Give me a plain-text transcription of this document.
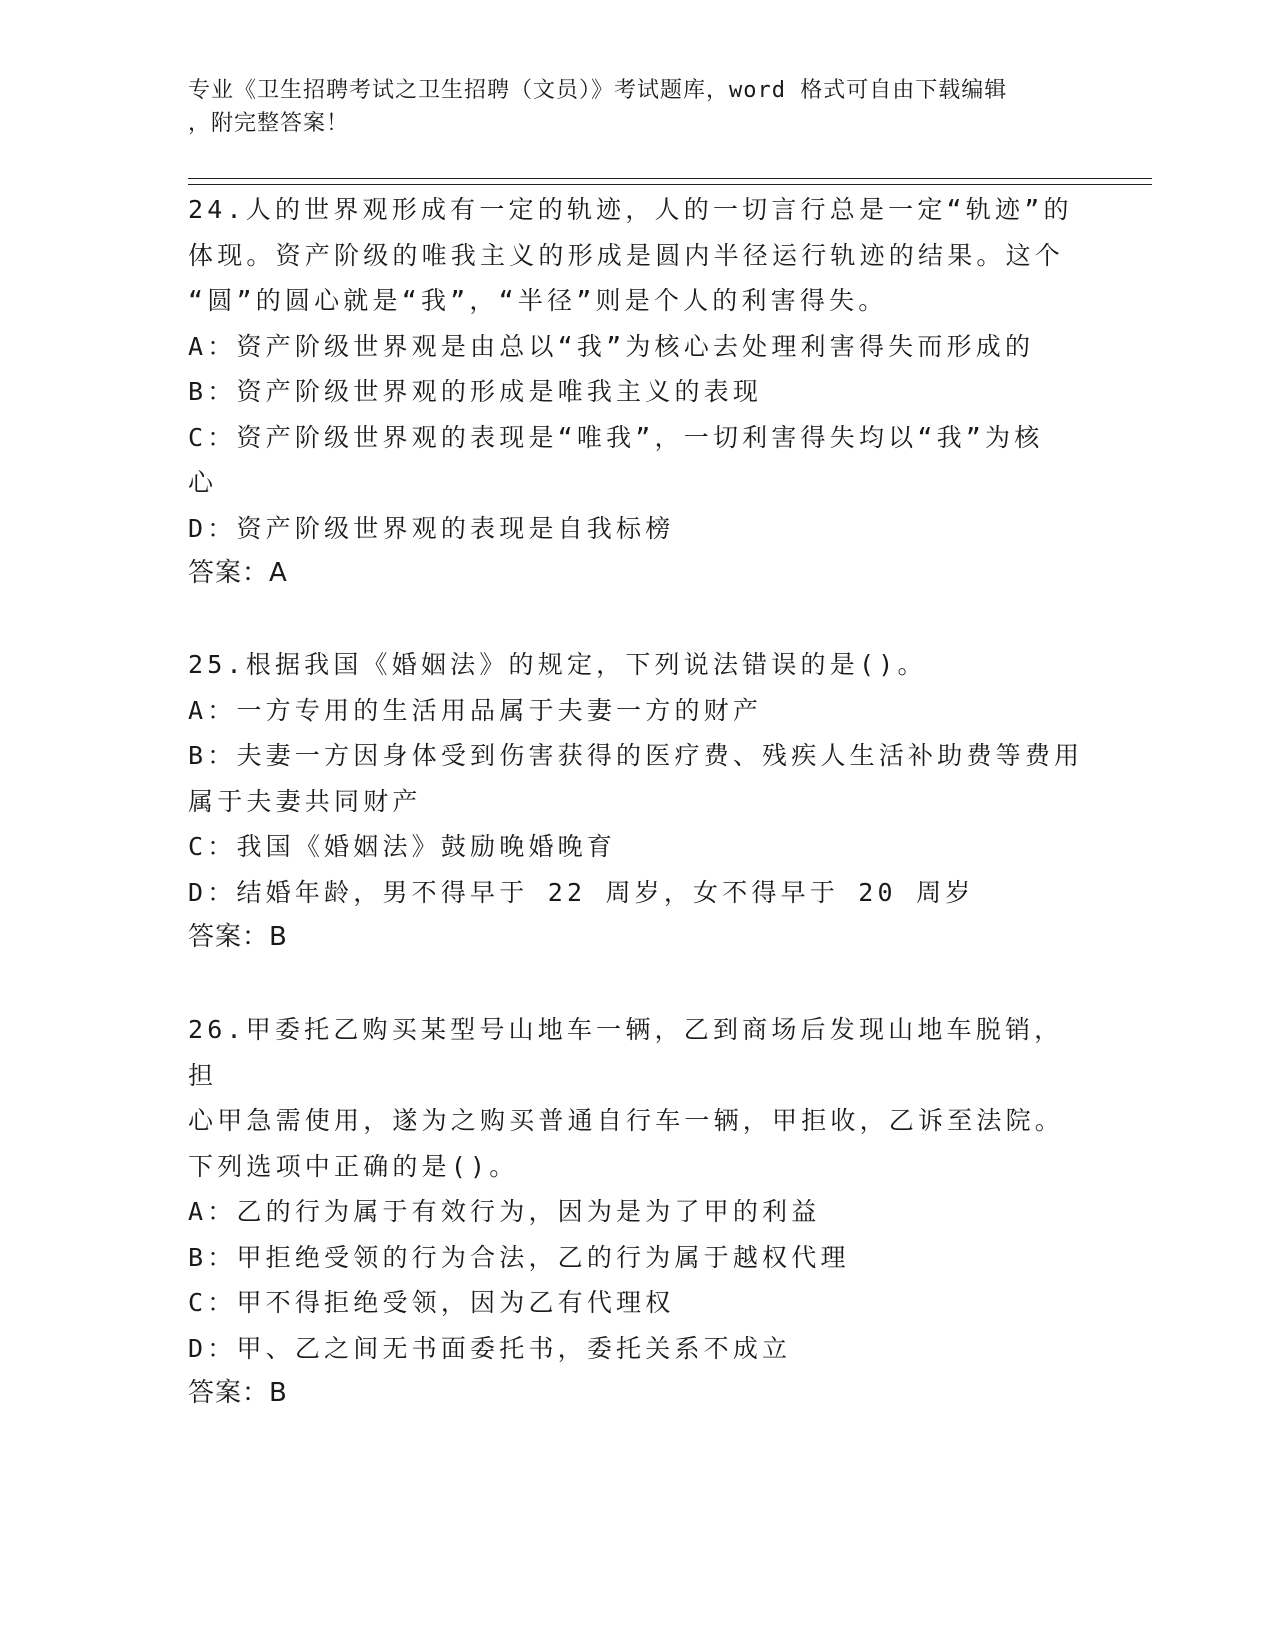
专业《卫生招聘考试之卫生招聘（文员）》考试题库，word 格式可自由下载编辑
，附完整答案！
24.人的世界观形成有一定的轨迹，人的一切言行总是一定“轨迹”的
体现。资产阶级的唯我主义的形成是圆内半径运行轨迹的结果。这个
“圆”的圆心就是“我”，“半径”则是个人的利害得失。
A：资产阶级世界观是由总以“我”为核心去处理利害得失而形成的
B：资产阶级世界观的形成是唯我主义的表现
C：资产阶级世界观的表现是“唯我”，一切利害得失均以“我”为核
心
D：资产阶级世界观的表现是自我标榜
答案：A
25.根据我国《婚姻法》的规定，下列说法错误的是()。
A：一方专用的生活用品属于夫妻一方的财产
B：夫妻一方因身体受到伤害获得的医疗费、残疾人生活补助费等费用
属于夫妻共同财产
C：我国《婚姻法》鼓励晚婚晚育
D：结婚年龄，男不得早于 22 周岁，女不得早于 20 周岁
答案：B
26.甲委托乙购买某型号山地车一辆，乙到商场后发现山地车脱销，担
心甲急需使用，遂为之购买普通自行车一辆，甲拒收，乙诉至法院。
下列选项中正确的是()。
A：乙的行为属于有效行为，因为是为了甲的利益
B：甲拒绝受领的行为合法，乙的行为属于越权代理
C：甲不得拒绝受领，因为乙有代理权
D：甲、乙之间无书面委托书，委托关系不成立
答案：B
